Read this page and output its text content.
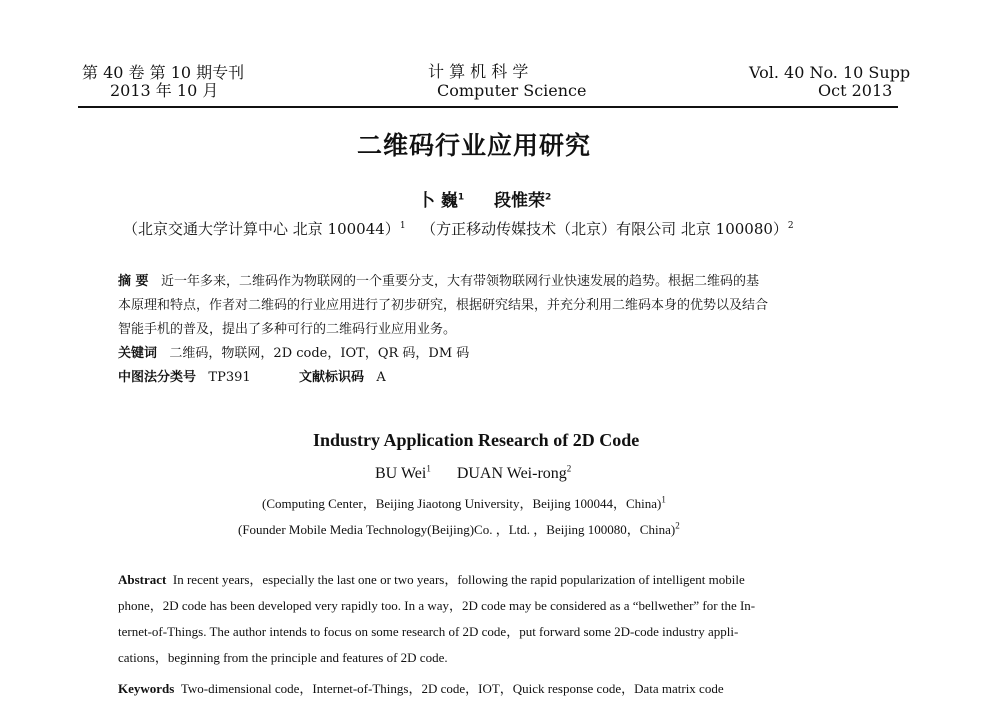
第 40 卷 第 10 期专刊
2013 年 10 月
计 算 机 科 学
Computer Science
Vol. 40 No. 10 Supp
Oct 2013
二维码行业应用研究
卜 巍$^1$ 段惟荣$^2$
（北京交通大学计算中心 北京 100044）$^1$ （方正移动传媒技术（北京）有限公司 北京 100080）$^2$
摘 要 近一年多来，二维码作为物联网的一个重要分支，大有带领物联网行业快速发展的趋势。根据二维码的基
本原理和特点，作者对二维码的行业应用进行了初步研究，根据研究结果，并充分利用二维码本身的优势以及结合
智能手机的普及，提出了多种可行的二维码行业应用业务。
关键词 二维码，物联网，2D code，IOT，QR 码，DM 码
中图法分类号 TP391	文献标识码 A
Industry Application Research of 2D Code
BU Wei$^1$ DUAN Wei-rong$^2$
(Computing Center，Beijing Jiaotong University，Beijing 100044，China)$^1$
(Founder Mobile Media Technology(Beijing)Co. ，Ltd. ，Beijing 100080，China)$^2$
Abstract In recent years，especially the last one or two years，following the rapid popularization of intelligent mobile
phone，2D code has been developed very rapidly too. In a way，2D code may be considered as a “bellwether” for the In-
ternet-of-Things. The author intends to focus on some research of 2D code，put forward some 2D-code industry appli-
cations，beginning from the principle and features of 2D code.
Keywords Two-dimensional code，Internet-of-Things，2D code，IOT，Quick response code，Data matrix code
